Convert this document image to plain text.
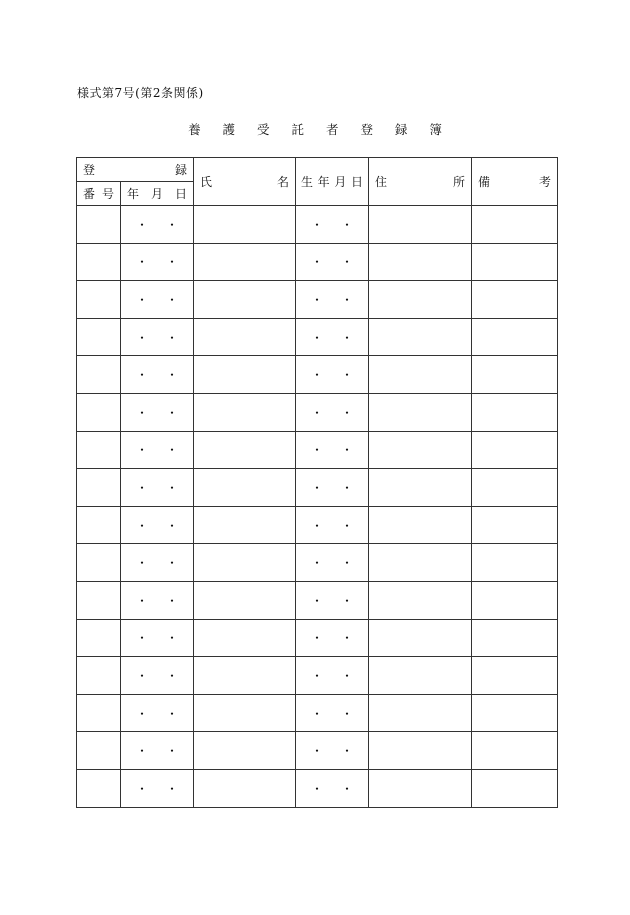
様式第7号(第2条関係)
養 護 受 託 者 登 録 簿
登 録		氏 名	生 年 月 日	住 所	備 考

番 号	年 月 日				

	・ ・		・ ・		

	・ ・		・ ・		

	・ ・		・ ・		

	・ ・		・ ・		

	・ ・		・ ・		

	・ ・		・ ・		

	・ ・		・ ・		

	・ ・		・ ・		

	・ ・		・ ・		

	・ ・		・ ・		

	・ ・		・ ・		

	・ ・		・ ・		

	・ ・		・ ・		

	・ ・		・ ・		

	・ ・		・ ・		

	・ ・		・ ・		
